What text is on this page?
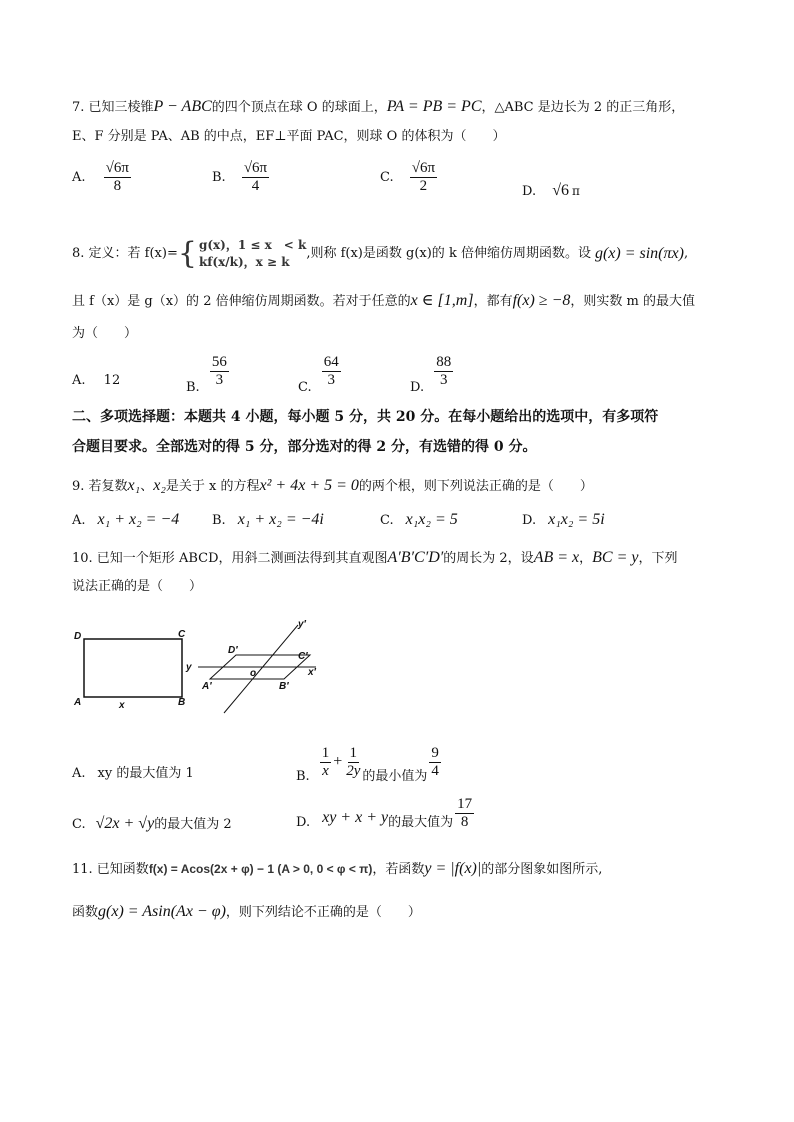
7. 已知三棱锥P − ABC的四个顶点在球 O 的球面上，PA = PB = PC，△ABC 是边长为 2 的正三角形，
E、F 分别是 PA、AB 的中点，EF⊥平面 PAC，则球 O 的体积为（　　）
A. $\frac{√6\pi}{8}$	B. $\frac{√6\pi}{4}$	C. $\frac{√6\pi}{2}$	D. √6 π
8. 定义：若 f(x)= { g(x)，1 ≤ x　< k
kf(x/k)，x ≥ k
,则称 f(x)是函数 g(x)的 k 倍伸缩仿周期函数。设 g(x) = sin(πx) ,
且 f（x）是 g（x）的 2 倍伸缩仿周期函数。若对于任意的x ∈ [1,m]，都有f(x) ≥ −8，则实数 m 的最大值
为（　　）
A. 12	B. $\frac{56}{3}$	C. $\frac{64}{3}$	D. $\frac{88}{3}$
二、多项选择题：本题共 4 小题，每小题 5 分，共 20 分。在每小题给出的选项中，有多项符
合题目要求。全部选对的得 5 分，部分选对的得 2 分，有选错的得 0 分。
9. 若复数x₁、x₂是关于 x 的方程x² + 4x + 5 = 0的两个根，则下列说法正确的是（　　）
A. x₁ + x₂ = −4	B. x₁ + x₂ = −4i	C. x₁x₂ = 5	D. x₁x₂ = 5i
10. 已知一个矩形 ABCD，用斜二测画法得到其直观图A′B′C′D′的周长为 2，设AB = x，BC = y，下列
说法正确的是（　　）
D	C
A	B
x
y
y′
D′
C′
o	x′
A′	B′
A. xy 的最大值为 1	B. $\frac{1}{x} + \frac{1}{2y}$ 的最小值为 $\frac{9}{4}$
C. √2x + √y的最大值为 2	D. xy + x + y 的最大值为 $\frac{17}{8}$
11. 已知函数f(x) = Acos(2x + φ) − 1 (A > 0, 0 < φ < π)，若函数y = |f(x)|的部分图象如图所示,
函数g(x) = Asin(Ax − φ)，则下列结论不正确的是（　　）
